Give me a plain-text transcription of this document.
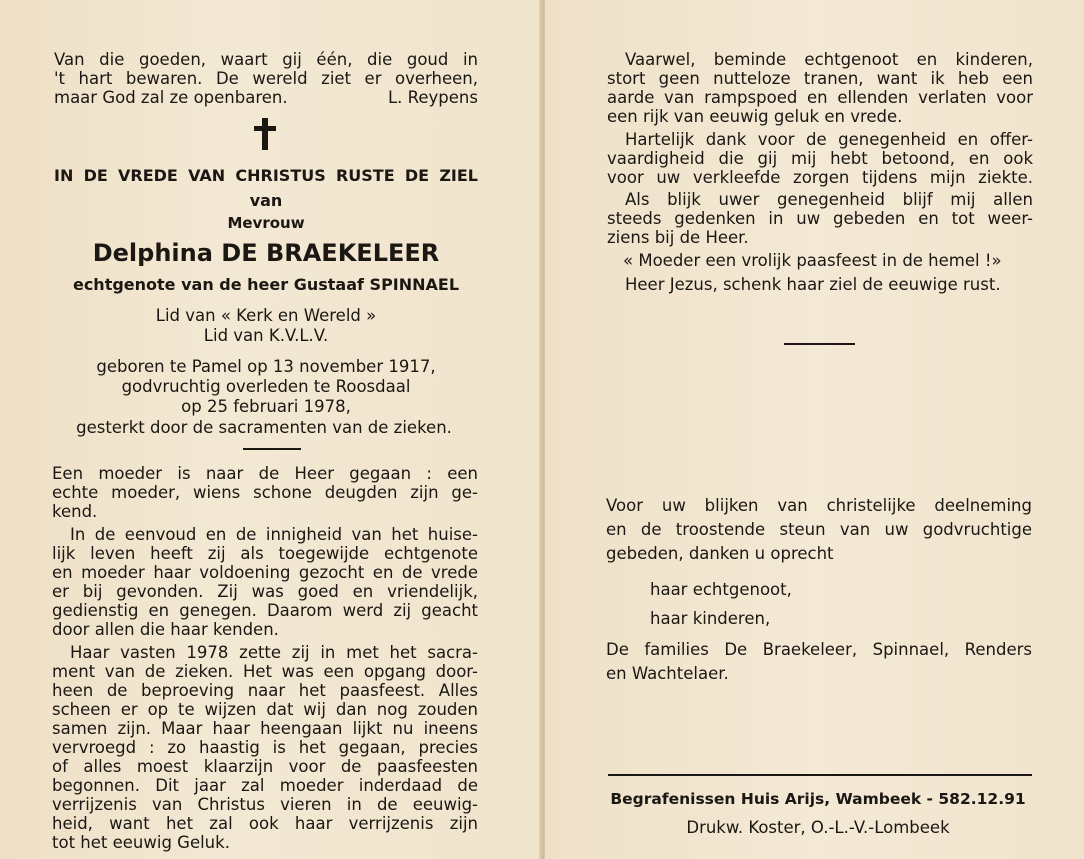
Van die goeden, waart gij één, die goud in

't hart bewaren. De wereld ziet er overheen,

maar God zal ze openbaren.	L. Reypens

IN DE VREDE VAN CHRISTUS RUSTE DE ZIEL

van

Mevrouw

Delphina DE BRAEKELEER

echtgenote van de heer Gustaaf SPINNAEL

Lid van « Kerk en Wereld »

Lid van K.V.L.V.

geboren te Pamel op 13 november 1917,

godvruchtig overleden te Roosdaal

op 25 februari 1978,

gesterkt door de sacramenten van de zieken.

Een moeder is naar de Heer gegaan : een

echte moeder, wiens schone deugden zijn ge-

kend.

In de eenvoud en de innigheid van het huise-

lijk leven heeft zij als toegewijde echtgenote

en moeder haar voldoening gezocht en de vrede

er bij gevonden. Zij was goed en vriendelijk,

gedienstig en genegen. Daarom werd zij geacht

door allen die haar kenden.

Haar vasten 1978 zette zij in met het sacra-

ment van de zieken. Het was een opgang door-

heen de beproeving naar het paasfeest. Alles

scheen er op te wijzen dat wij dan nog zouden

samen zijn. Maar haar heengaan lijkt nu ineens

vervroegd : zo haastig is het gegaan, precies

of alles moest klaarzijn voor de paasfeesten

begonnen. Dit jaar zal moeder inderdaad de

verrijzenis van Christus vieren in de eeuwig-

heid, want het zal ook haar verrijzenis zijn

tot het eeuwig Geluk.

Vaarwel, beminde echtgenoot en kinderen,

stort geen nutteloze tranen, want ik heb een

aarde van rampspoed en ellenden verlaten voor

een rijk van eeuwig geluk en vrede.

Hartelijk dank voor de genegenheid en offer-

vaardigheid die gij mij hebt betoond, en ook

voor uw verkleefde zorgen tijdens mijn ziekte.

Als blijk uwer genegenheid blijf mij allen

steeds gedenken in uw gebeden en tot weer-

ziens bij de Heer.

« Moeder een vrolijk paasfeest in de hemel !»

Heer Jezus, schenk haar ziel de eeuwige rust.

Voor uw blijken van christelijke deelneming

en de troostende steun van uw godvruchtige

gebeden, danken u oprecht

haar echtgenoot,

haar kinderen,

De families De Braekeleer, Spinnael, Renders

en Wachtelaer.

Begrafenissen Huis Arijs, Wambeek - 582.12.91

Drukw. Koster, O.-L.-V.-Lombeek
